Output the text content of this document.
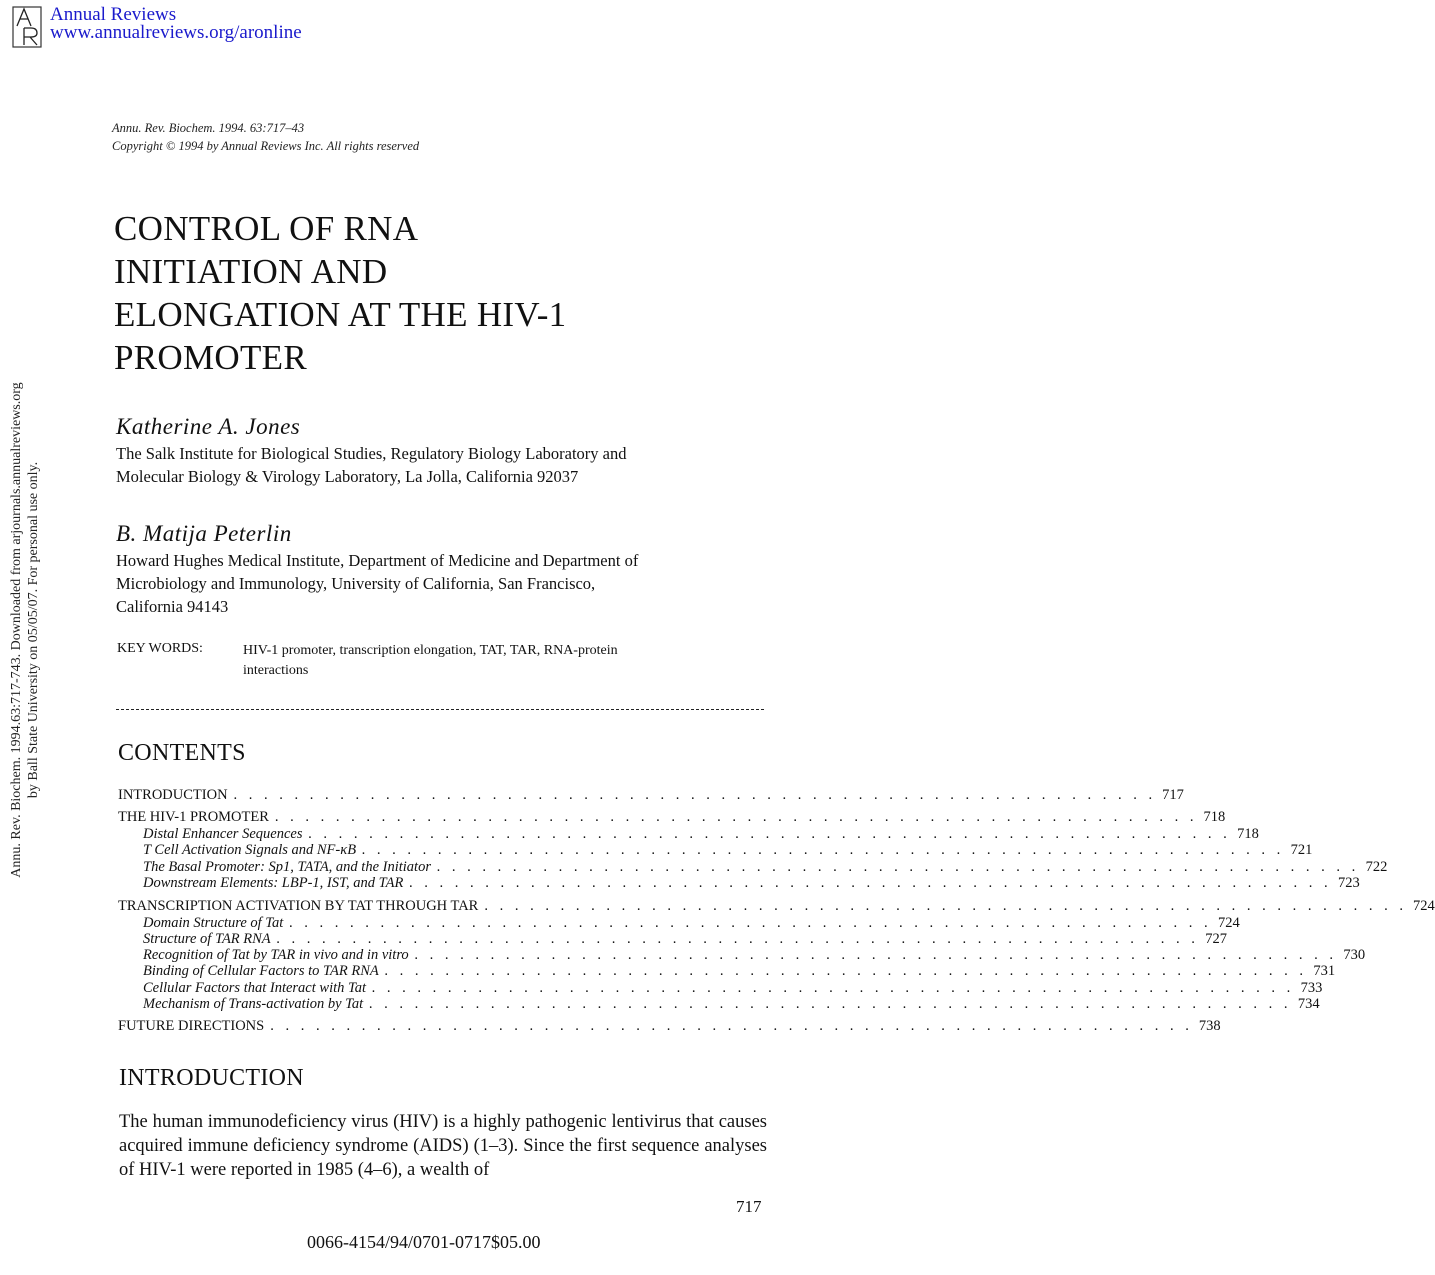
Annual Reviews
www.annualreviews.org/aronline
Annu. Rev. Biochem. 1994.63:717-743. Downloaded from arjournals.annualreviews.org by Ball State University on 05/05/07. For personal use only.
Annu. Rev. Biochem. 1994. 63:717–43
Copyright © 1994 by Annual Reviews Inc. All rights reserved
CONTROL OF RNA
INITIATION AND
ELONGATION AT THE HIV-1
PROMOTER
Katherine A. Jones
The Salk Institute for Biological Studies, Regulatory Biology Laboratory and
Molecular Biology & Virology Laboratory, La Jolla, California 92037
B. Matija Peterlin
Howard Hughes Medical Institute, Department of Medicine and Department of
Microbiology and Immunology, University of California, San Francisco,
California 94143
KEY WORDS:	HIV-1 promoter, transcription elongation, TAT, TAR, RNA-protein
interactions
CONTENTS
INTRODUCTION . . . . . . . . . . . . . . . . . . . . . . . . . . . . . . . . . . . . . . . . . . . . . . . . . . . . . . . . . . . . . 717
THE HIV-1 PROMOTER . . . . . . . . . . . . . . . . . . . . . . . . . . . . . . . . . . . . . . . . . . . . . . . . . . . . . . . . . . . . . 718
Distal Enhancer Sequences . . . . . . . . . . . . . . . . . . . . . . . . . . . . . . . . . . . . . . . . . . . . . . . . . . . . . . . . . . . . . 718
T Cell Activation Signals and NF-κB . . . . . . . . . . . . . . . . . . . . . . . . . . . . . . . . . . . . . . . . . . . . . . . . . . . . . . . . . . . . . 721
The Basal Promoter: Sp1, TATA, and the Initiator . . . . . . . . . . . . . . . . . . . . . . . . . . . . . . . . . . . . . . . . . . . . . . . . . . . . . . . . . . . . . 722
Downstream Elements: LBP-1, IST, and TAR . . . . . . . . . . . . . . . . . . . . . . . . . . . . . . . . . . . . . . . . . . . . . . . . . . . . . . . . . . . . . 723
TRANSCRIPTION ACTIVATION BY TAT THROUGH TAR . . . . . . . . . . . . . . . . . . . . . . . . . . . . . . . . . . . . . . . . . . . . . . . . . . . . . . . . . . . . . 724
Domain Structure of Tat . . . . . . . . . . . . . . . . . . . . . . . . . . . . . . . . . . . . . . . . . . . . . . . . . . . . . . . . . . . . . 724
Structure of TAR RNA . . . . . . . . . . . . . . . . . . . . . . . . . . . . . . . . . . . . . . . . . . . . . . . . . . . . . . . . . . . . . 727
Recognition of Tat by TAR in vivo and in vitro . . . . . . . . . . . . . . . . . . . . . . . . . . . . . . . . . . . . . . . . . . . . . . . . . . . . . . . . . . . . . 730
Binding of Cellular Factors to TAR RNA . . . . . . . . . . . . . . . . . . . . . . . . . . . . . . . . . . . . . . . . . . . . . . . . . . . . . . . . . . . . . 731
Cellular Factors that Interact with Tat . . . . . . . . . . . . . . . . . . . . . . . . . . . . . . . . . . . . . . . . . . . . . . . . . . . . . . . . . . . . . 733
Mechanism of Trans-activation by Tat . . . . . . . . . . . . . . . . . . . . . . . . . . . . . . . . . . . . . . . . . . . . . . . . . . . . . . . . . . . . . 734
FUTURE DIRECTIONS . . . . . . . . . . . . . . . . . . . . . . . . . . . . . . . . . . . . . . . . . . . . . . . . . . . . . . . . . . . . . 738
INTRODUCTION
The human immunodeficiency virus (HIV) is a highly pathogenic lentivirus that causes acquired immune deficiency syndrome (AIDS) (1–3). Since the first sequence analyses of HIV-1 were reported in 1985 (4–6), a wealth of
717
0066-4154/94/0701-0717$05.00
